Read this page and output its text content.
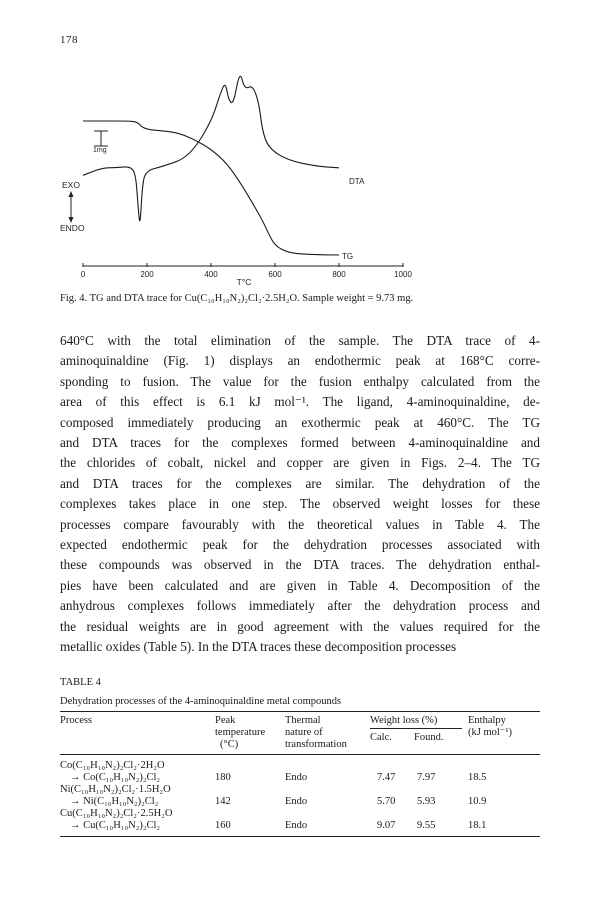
178
0	200	400	600	800	1000
1mg
EXO
ENDO
DTA
TG
T°C
Fig. 4. TG and DTA trace for Cu(C₁₀H₁₀N₂)₂Cl₂·2.5H₂O. Sample weight = 9.73 mg.
640°C with the total elimination of the sample. The DTA trace of 4-
aminoquinaldine (Fig. 1) displays an endothermic peak at 168°C corre-
sponding to fusion. The value for the fusion enthalpy calculated from the
area of this effect is 6.1 kJ mol⁻¹. The ligand, 4-aminoquinaldine, de-
composed immediately producing an exothermic peak at 460°C. The TG
and DTA traces for the complexes formed between 4-aminoquinaldine and
the chlorides of cobalt, nickel and copper are given in Figs. 2–4. The TG
and DTA traces for the complexes are similar. The dehydration of the
complexes takes place in one step. The observed weight losses for these
processes compare favourably with the theoretical values in Table 4. The
expected endothermic peak for the dehydration processes associated with
these compounds was observed in the DTA traces. The dehydration enthal-
pies have been calculated and are given in Table 4. Decomposition of the
anhydrous complexes follows immediately after the dehydration process and
the residual weights are in good agreement with the values required for the
metallic oxides (Table 5). In the DTA traces these decomposition processes
TABLE 4
Dehydration processes of the 4-aminoquinaldine metal compounds
Process	Peak
temperature
(°C)
Thermal
nature of
transformation
Weight loss (%)
Calc. Found.
Enthalpy
(kJ mol⁻¹)
Co(C₁₀H₁₀N₂)₂Cl₂·2H₂O
→ Co(C₁₀H₁₀N₂)₂Cl₂	180	Endo	7.47 7.97	18.5
Ni(C₁₀H₁₀N₂)₂Cl₂·1.5H₂O
→ Ni(C₁₀H₁₀N₂)₂Cl₂	142	Endo	5.70 5.93	10.9
Cu(C₁₀H₁₀N₂)₂Cl₂·2.5H₂O
→ Cu(C₁₀H₁₀N₂)₂Cl₂	160	Endo	9.07 9.55	18.1
